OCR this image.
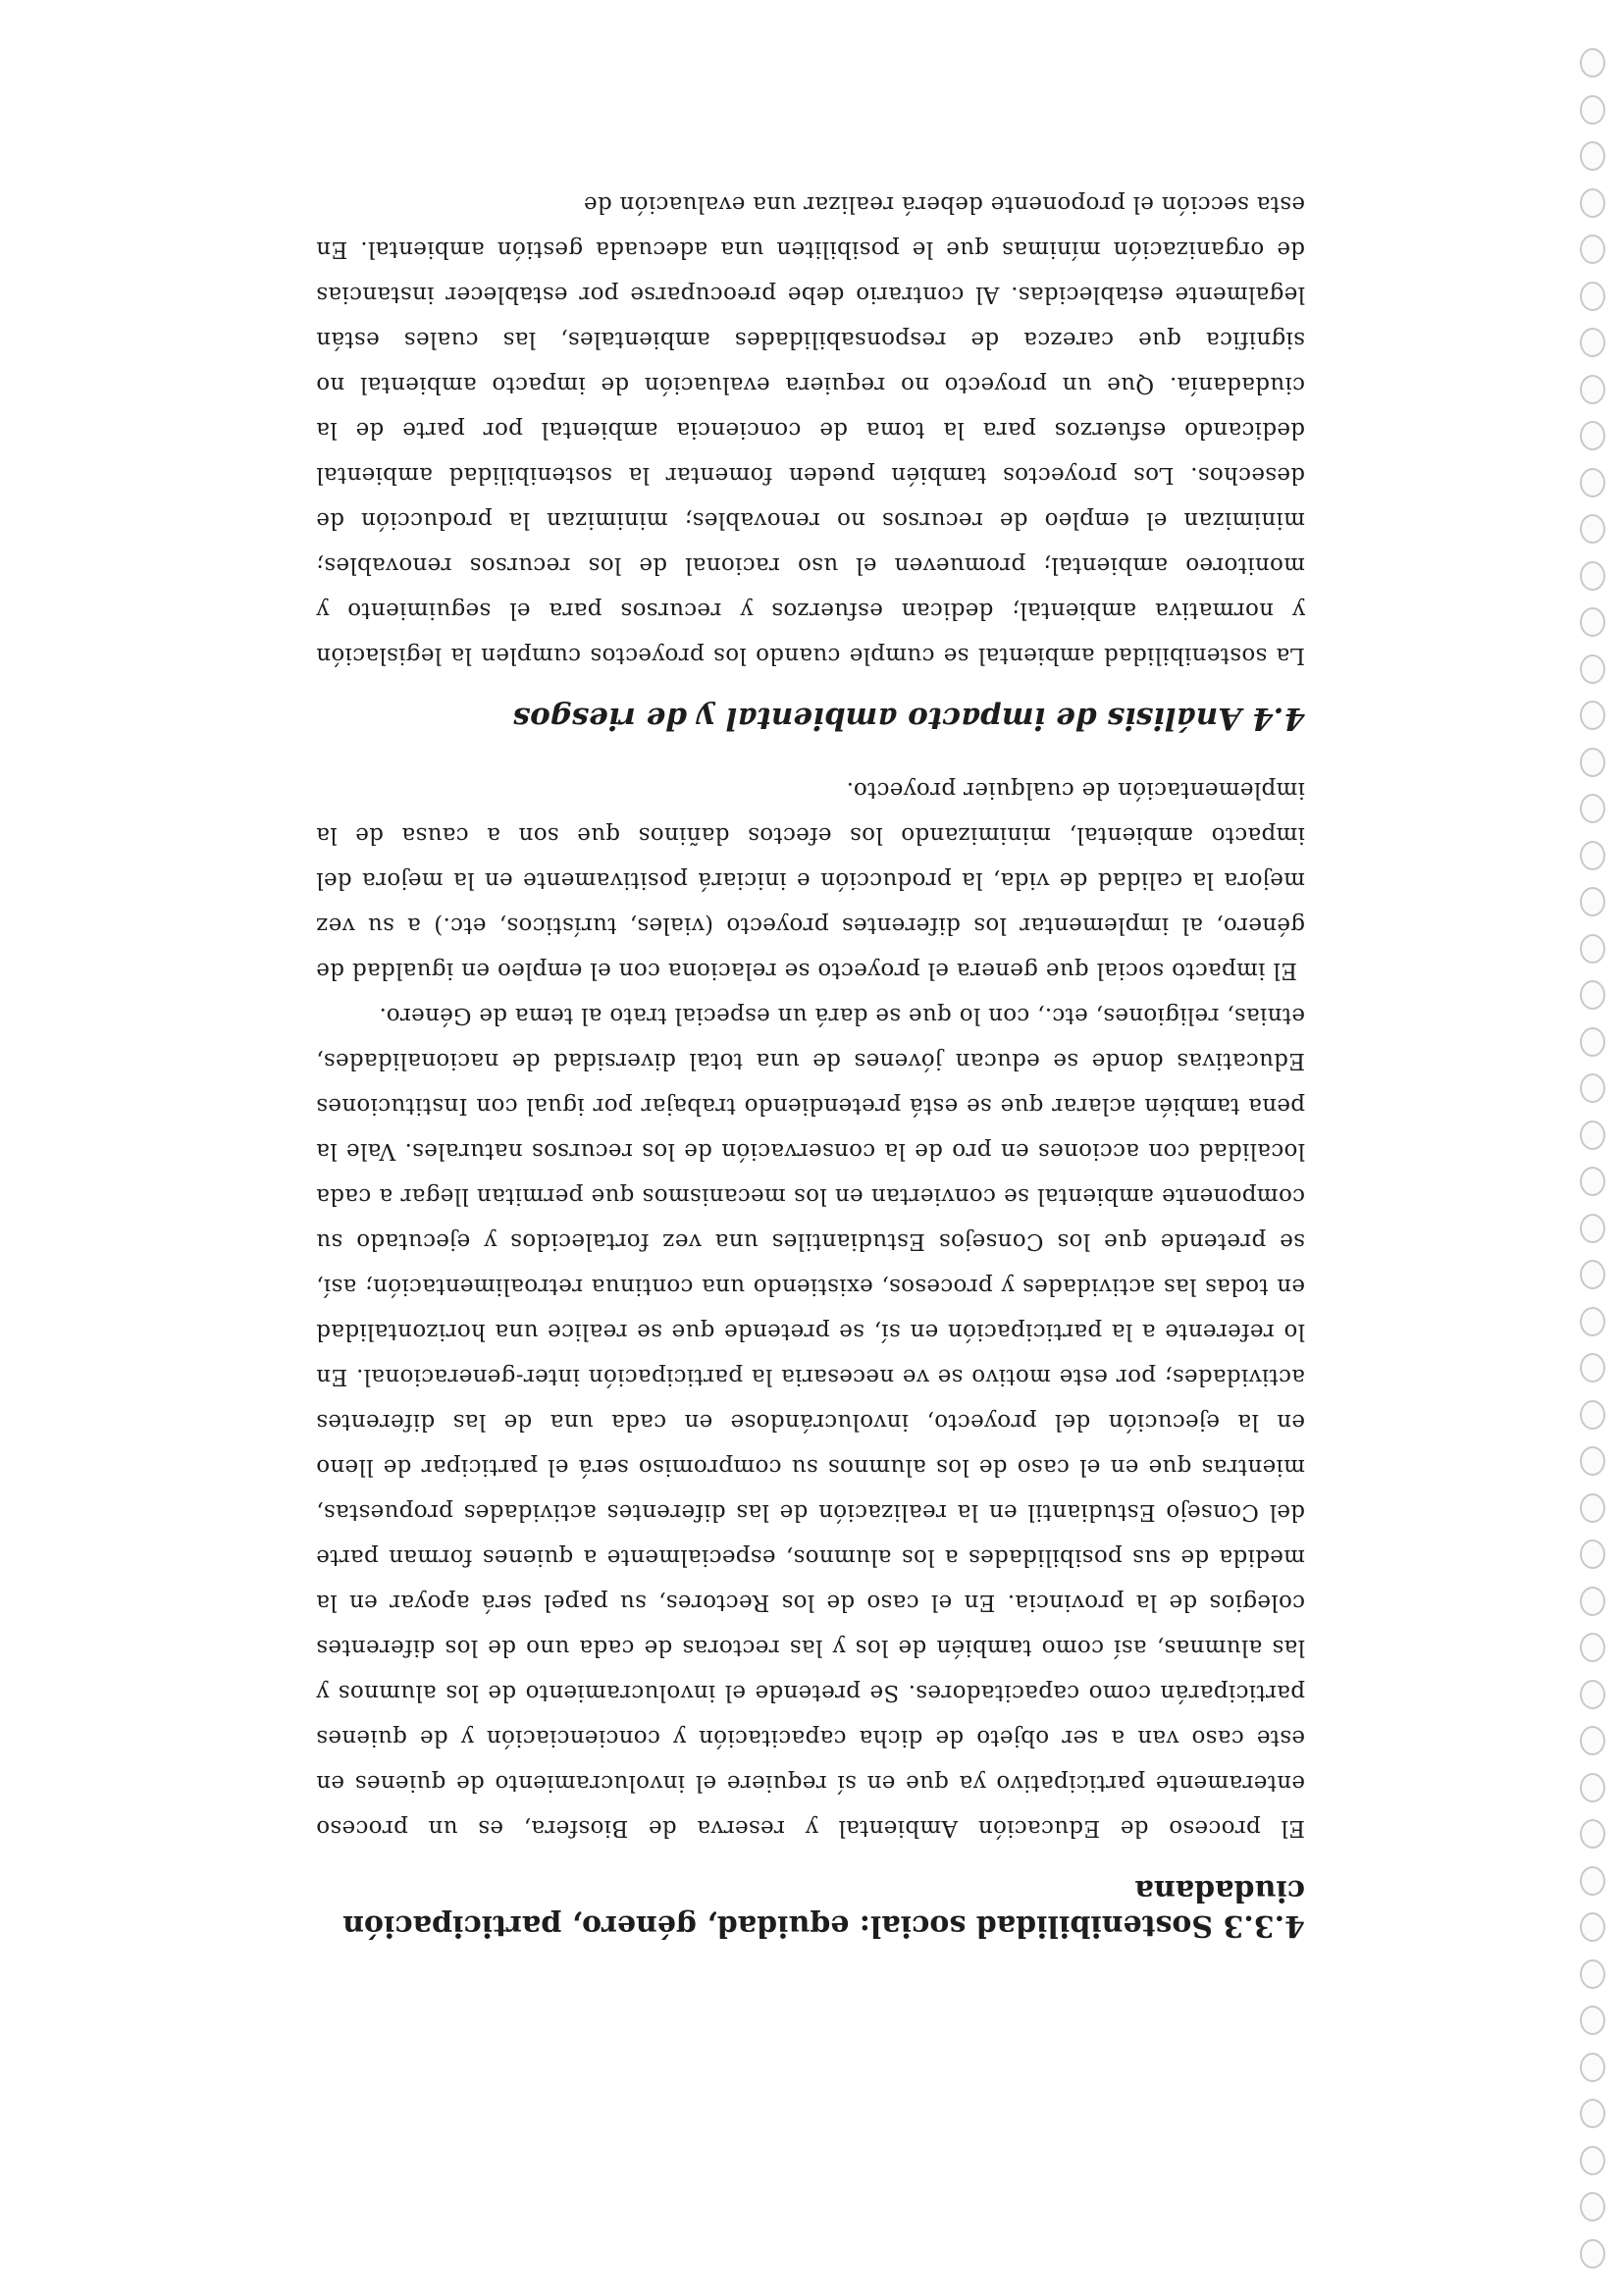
4.3.3 Sostenibilidad social: equidad, género, participación ciudadana

El proceso de Educación Ambiental y reserva de Biosfera, es un proceso enteramente participativo ya que en sí requiere el involucramiento de quienes en este caso van a ser objeto de dicha capacitación y concienciación y de quienes participarán como capacitadores. Se pretende el involucramiento de los alumnos y las alumnas, así como también de los y las rectoras de cada uno de los diferentes colegios de la provincia. En el caso de los Rectores, su papel será apoyar en la medida de sus posibilidades a los alumnos, especialmente a quienes forman parte del Consejo Estudiantil en la realización de las diferentes actividades propuestas, mientras que en el caso de los alumnos su compromiso será el participar de lleno en la ejecución del proyecto, involucrándose en cada una de las diferentes actividades; por este motivo se ve necesaria la participación inter-generacional. En lo referente a la participación en sí, se pretende que se realice una horizontalidad en todas las actividades y procesos, existiendo una continua retroalimentación; así, se pretende que los Consejos Estudiantiles una vez fortalecidos y ejecutado su componente ambiental se conviertan en los mecanismos que permitan llegar a cada localidad con acciones en pro de la conservación de los recursos naturales. Vale la pena también aclarar que se está pretendiendo trabajar por igual con Instituciones Educativas donde se educan jóvenes de una total diversidad de nacionalidades, etnias, religiones, etc., con lo que se dará un especial trato al tema de Género.

El impacto social que genera el proyecto se relaciona con el empleo en igualdad de género, al implementar los diferentes proyecto (viales, turísticos, etc.) a su vez mejora la calidad de vida, la producción e iniciará positivamente en la mejora del impacto ambiental, minimizando los efectos dañinos que son a causa de la implementación de cualquier proyecto.

4.4 Análisis de impacto ambiental y de riesgos

La sostenibilidad ambiental se cumple cuando los proyectos cumplen la legislación y normativa ambiental; dedican esfuerzos y recursos para el seguimiento y monitoreo ambiental; promueven el uso racional de los recursos renovables; minimizan el empleo de recursos no renovables; minimizan la producción de desechos. Los proyectos también pueden fomentar la sostenibilidad ambiental dedicando esfuerzos para la toma de conciencia ambiental por parte de la ciudadanía. Que un proyecto no requiera evaluación de impacto ambiental no significa que carezca de responsabilidades ambientales, las cuales están legalmente establecidas. Al contrario debe preocuparse por establecer instancias de organización mínimas que le posibiliten una adecuada gestión ambiental. En esta sección el proponente deberá realizar una evaluación de
